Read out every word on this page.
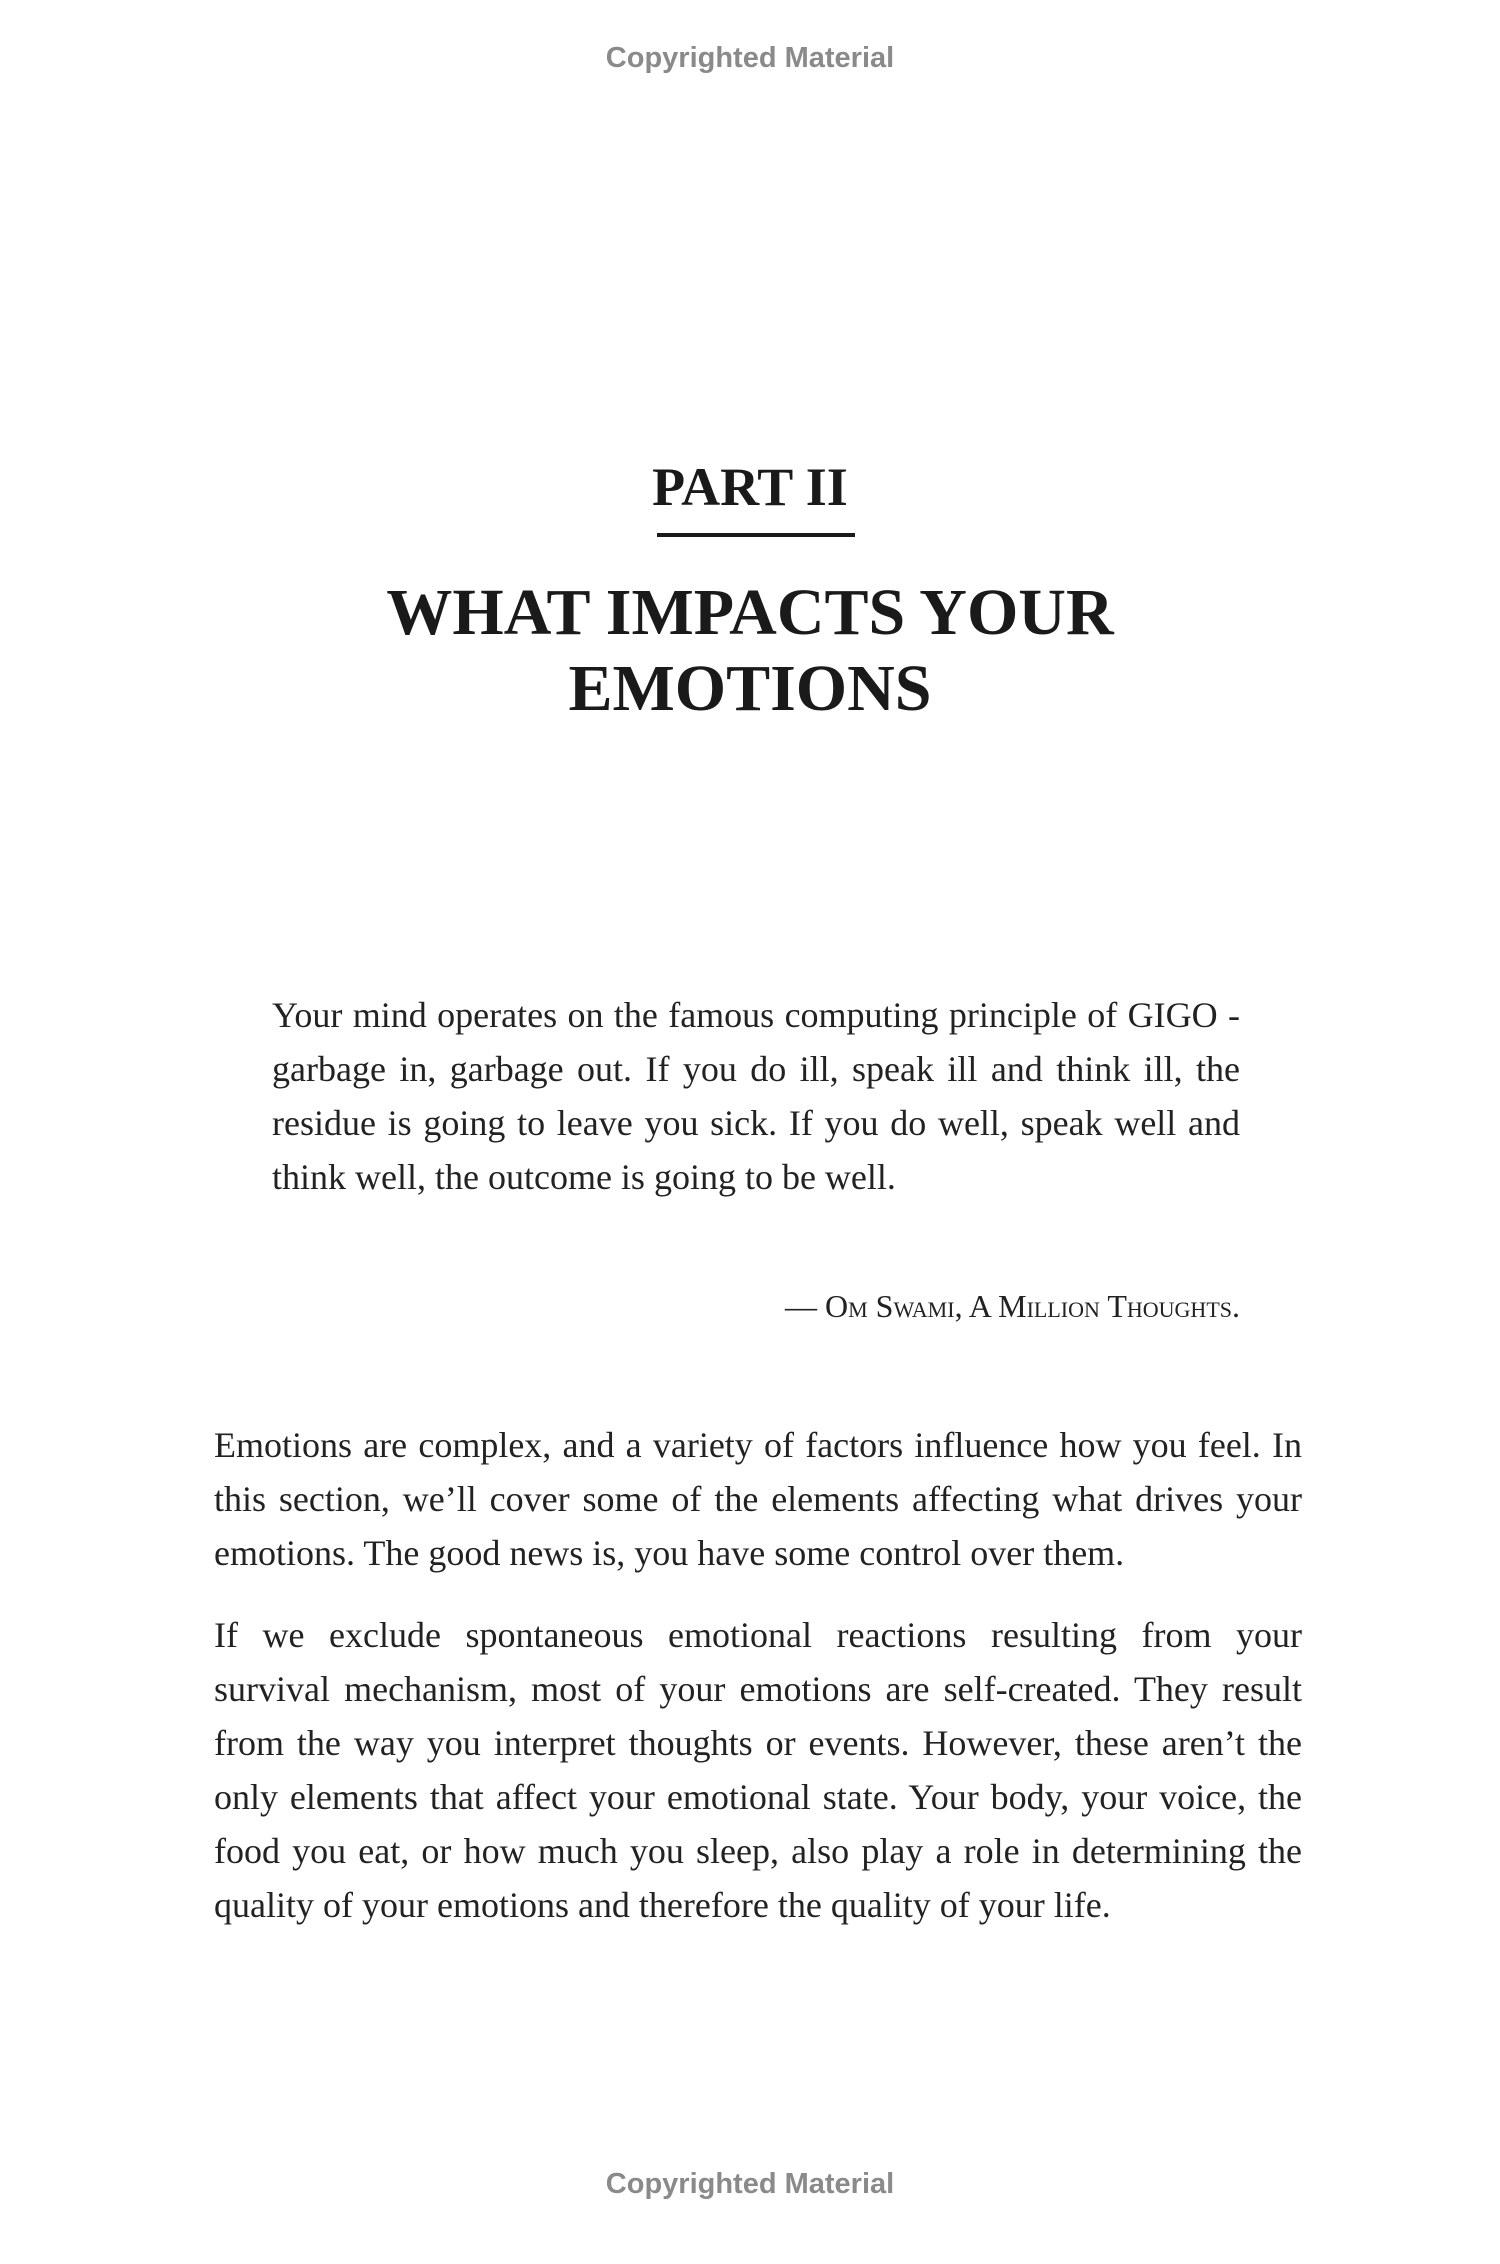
Copyrighted Material
PART II
WHAT IMPACTS YOUR
EMOTIONS
Your mind operates on the famous computing principle of GIGO - garbage in, garbage out. If you do ill, speak ill and think ill, the residue is going to leave you sick. If you do well, speak well and think well, the outcome is going to be well.
— Om Swami, A Million Thoughts.

Emotions are complex, and a variety of factors influence how you feel. In this section, we’ll cover some of the elements affecting what drives your emotions. The good news is, you have some control over them.

If we exclude spontaneous emotional reactions resulting from your survival mechanism, most of your emotions are self-created. They result from the way you interpret thoughts or events. However, these aren’t the only elements that affect your emotional state. Your body, your voice, the food you eat, or how much you sleep, also play a role in determining the quality of your emotions and therefore the quality of your life.

Copyrighted Material
